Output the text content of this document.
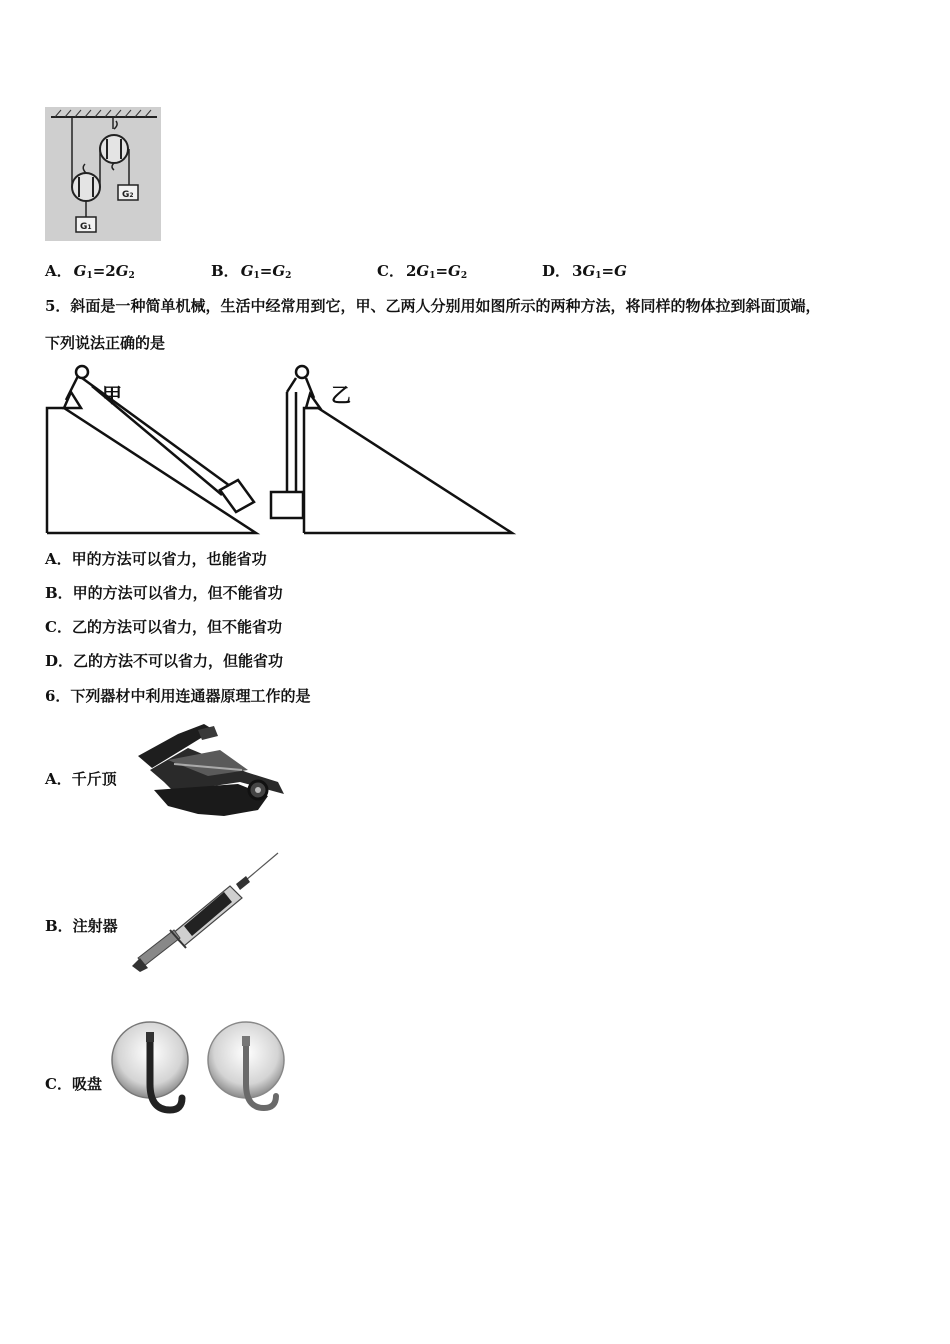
G2
G1
A． $G_1=2G_2$	B． $G_1=G_2$	C． $2G_1=G_2$	D． $3G_1=G$
5．斜面是一种简单机械，生活中经常用到它，甲、乙两人分别用如图所示的两种方法，将同样的物体拉到斜面顶端，
下列说法正确的是
甲	乙
A．甲的方法可以省力，也能省功
B．甲的方法可以省力，但不能省功
C．乙的方法可以省力，但不能省功
D．乙的方法不可以省力，但能省功
6．下列器材中利用连通器原理工作的是
A．千斤顶
B．注射器
C．吸盘
